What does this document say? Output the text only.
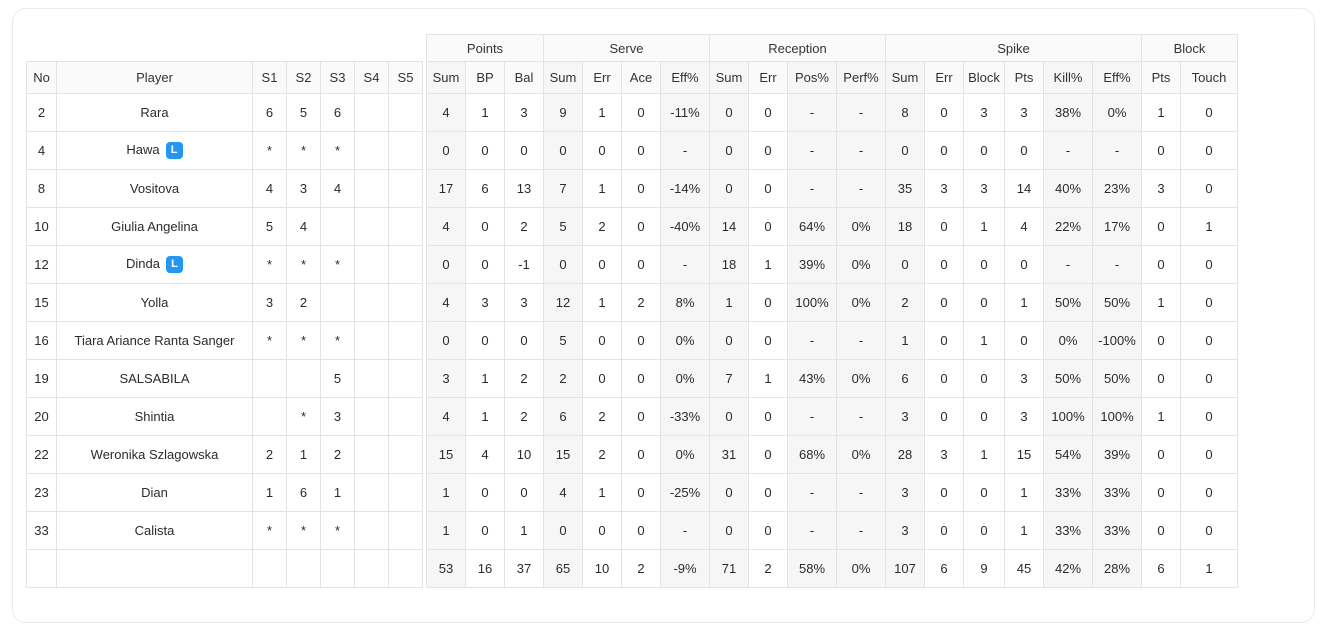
								Points			Serve				Reception				Spike						Block	
No	Player	S1	S2	S3	S4	S5		Sum	BP	Bal	Sum	Err	Ace	Eff%	Sum	Err	Pos%	Perf%	Sum	Err	Block	Pts	Kill%	Eff%	Pts	Touch
2	Rara	6	5	6				4	1	3	9	1	0	-11%	0	0	-	-	8	0	3	3	38%	0%	1	0
4	Hawa L	*	*	*				0	0	0	0	0	0	-	0	0	-	-	0	0	0	0	-	-	0	0
8	Vositova	4	3	4				17	6	13	7	1	0	-14%	0	0	-	-	35	3	3	14	40%	23%	3	0
10	Giulia Angelina	5	4					4	0	2	5	2	0	-40%	14	0	64%	0%	18	0	1	4	22%	17%	0	1
12	Dinda L	*	*	*				0	0	-1	0	0	0	-	18	1	39%	0%	0	0	0	0	-	-	0	0
15	Yolla	3	2					4	3	3	12	1	2	8%	1	0	100%	0%	2	0	0	1	50%	50%	1	0
16	Tiara Ariance Ranta Sanger	*	*	*				0	0	0	5	0	0	0%	0	0	-	-	1	0	1	0	0%	-100%	0	0
19	SALSABILA			5				3	1	2	2	0	0	0%	7	1	43%	0%	6	0	0	3	50%	50%	0	0
20	Shintia		*	3				4	1	2	6	2	0	-33%	0	0	-	-	3	0	0	3	100%	100%	1	0
22	Weronika Szlagowska	2	1	2				15	4	10	15	2	0	0%	31	0	68%	0%	28	3	1	15	54%	39%	0	0
23	Dian	1	6	1				1	0	0	4	1	0	-25%	0	0	-	-	3	0	0	1	33%	33%	0	0
33	Calista	*	*	*				1	0	1	0	0	0	-	0	0	-	-	3	0	0	1	33%	33%	0	0
								53	16	37	65	10	2	-9%	71	2	58%	0%	107	6	9	45	42%	28%	6	1
